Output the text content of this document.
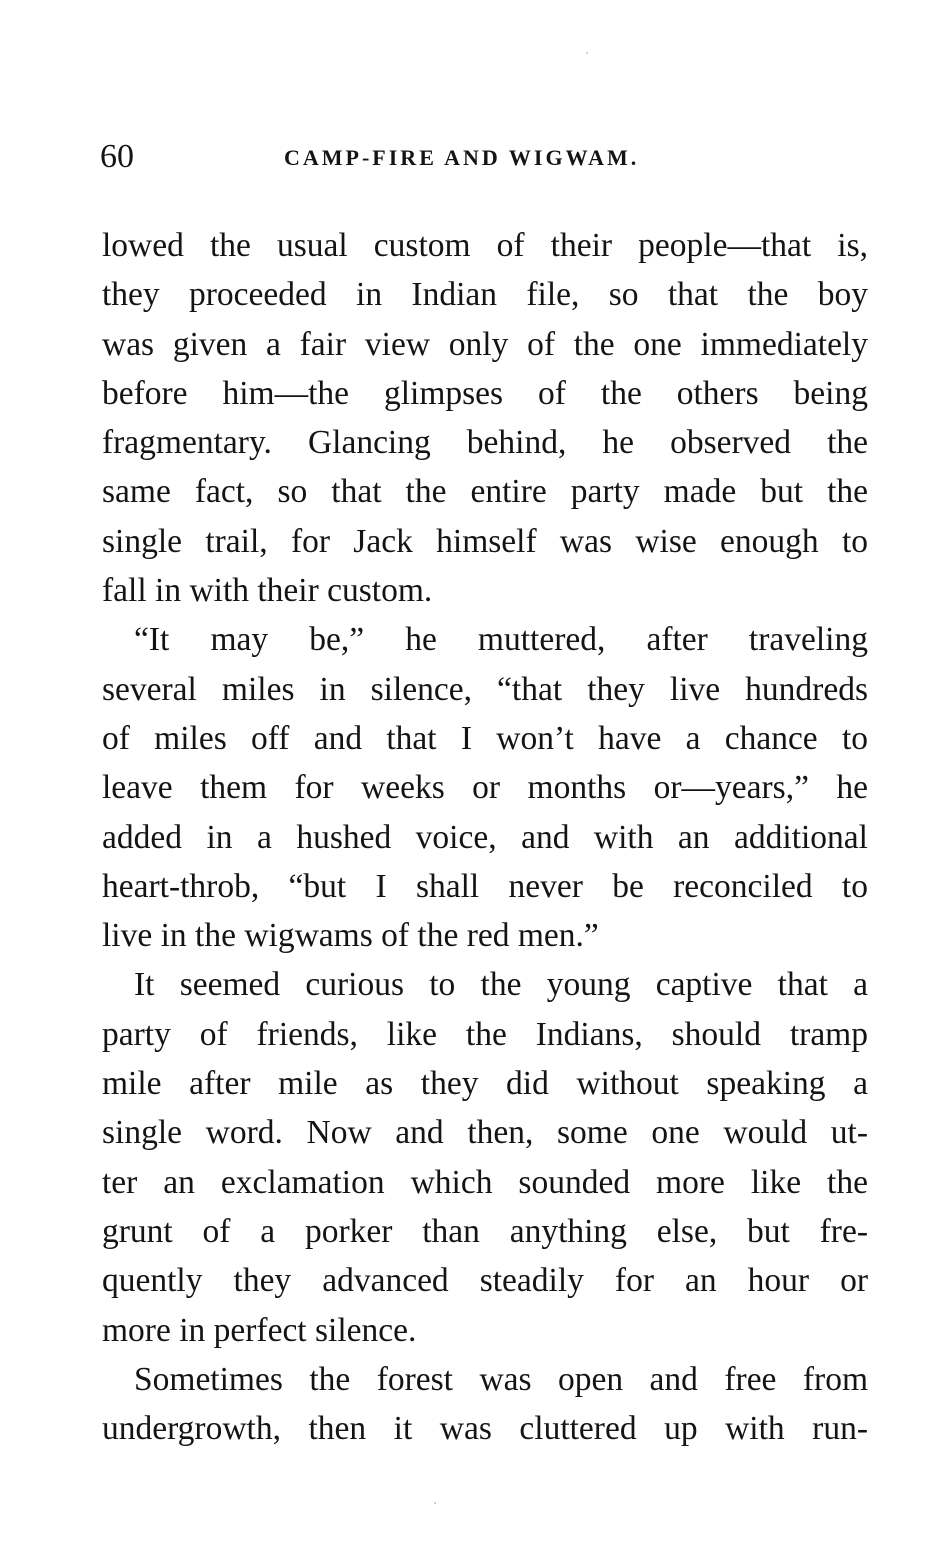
60	CAMP-FIRE AND WIGWAM.
lowed the usual custom of their people—that is,
they proceeded in Indian file, so that the boy
was given a fair view only of the one immediately
before him—the glimpses of the others being
fragmentary. Glancing behind, he observed the
same fact, so that the entire party made but the
single trail, for Jack himself was wise enough to
fall in with their custom.
“It may be,” he muttered, after traveling
several miles in silence, “that they live hundreds
of miles off and that I won’t have a chance to
leave them for weeks or months or—years,” he
added in a hushed voice, and with an additional
heart-throb, “but I shall never be reconciled to
live in the wigwams of the red men.”
It seemed curious to the young captive that a
party of friends, like the Indians, should tramp
mile after mile as they did without speaking a
single word. Now and then, some one would ut-
ter an exclamation which sounded more like the
grunt of a porker than anything else, but fre-
quently they advanced steadily for an hour or
more in perfect silence.
Sometimes the forest was open and free from
undergrowth, then it was cluttered up with run-
